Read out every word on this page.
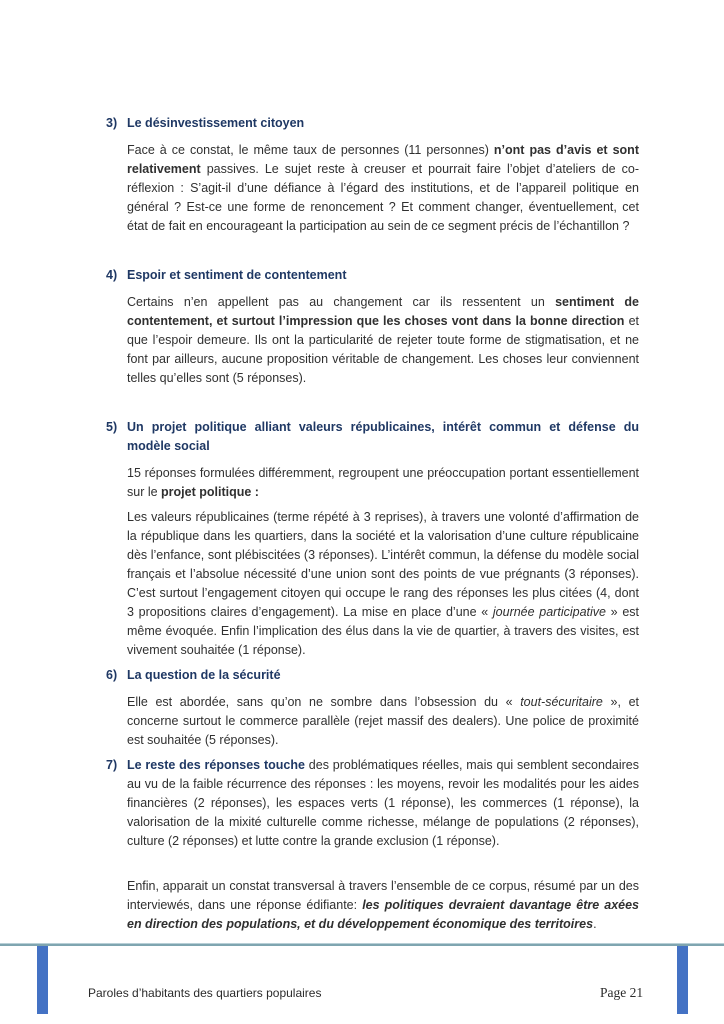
3) Le désinvestissement citoyen

Face à ce constat, le même taux de personnes (11 personnes) n’ont pas d’avis et sont relativement passives. Le sujet reste à creuser et pourrait faire l’objet d’ateliers de co-réflexion : S’agit-il d’une défiance à l’égard des institutions, et de l’appareil politique en général ? Est-ce une forme de renoncement ? Et comment changer, éventuellement, cet état de fait en encourageant la participation au sein de ce segment précis de l’échantillon ?

4) Espoir et sentiment de contentement

Certains n’en appellent pas au changement car ils ressentent un sentiment de contentement, et surtout l’impression que les choses vont dans la bonne direction et que l’espoir demeure. Ils ont la particularité de rejeter toute forme de stigmatisation, et ne font par ailleurs, aucune proposition véritable de changement. Les choses leur conviennent telles qu’elles sont (5 réponses).

5) Un projet politique alliant valeurs républicaines, intérêt commun et défense du modèle social

15 réponses formulées différemment, regroupent une préoccupation portant essentiellement sur le projet politique :

Les valeurs républicaines (terme répété à 3 reprises), à travers une volonté d’affirmation de la république dans les quartiers, dans la société et la valorisation d’une culture républicaine dès l’enfance, sont plébiscitées (3 réponses). L’intérêt commun, la défense du modèle social français et l’absolue nécessité d’une union sont des points de vue prégnants (3 réponses). C’est surtout l’engagement citoyen qui occupe le rang des réponses les plus citées (4, dont 3 propositions claires d’engagement). La mise en place d’une « journée participative » est même évoquée. Enfin l’implication des élus dans la vie de quartier, à travers des visites, est vivement souhaitée (1 réponse).

6) La question de la sécurité

Elle est abordée, sans qu’on ne sombre dans l’obsession du « tout-sécuritaire », et concerne surtout le commerce parallèle (rejet massif des dealers). Une police de proximité est souhaitée (5 réponses).

7) Le reste des réponses touche des problématiques réelles, mais qui semblent secondaires au vu de la faible récurrence des réponses : les moyens, revoir les modalités pour les aides financières (2 réponses), les espaces verts (1 réponse), les commerces (1 réponse), la valorisation de la mixité culturelle comme richesse, mélange de populations (2 réponses), culture (2 réponses) et lutte contre la grande exclusion (1 réponse).

Enfin, apparait un constat transversal à travers l’ensemble de ce corpus, résumé par un des interviewés, dans une réponse édifiante: les politiques devraient davantage être axées en direction des populations, et du développement économique des territoires.

Paroles d’habitants des quartiers populaires	Page 21
